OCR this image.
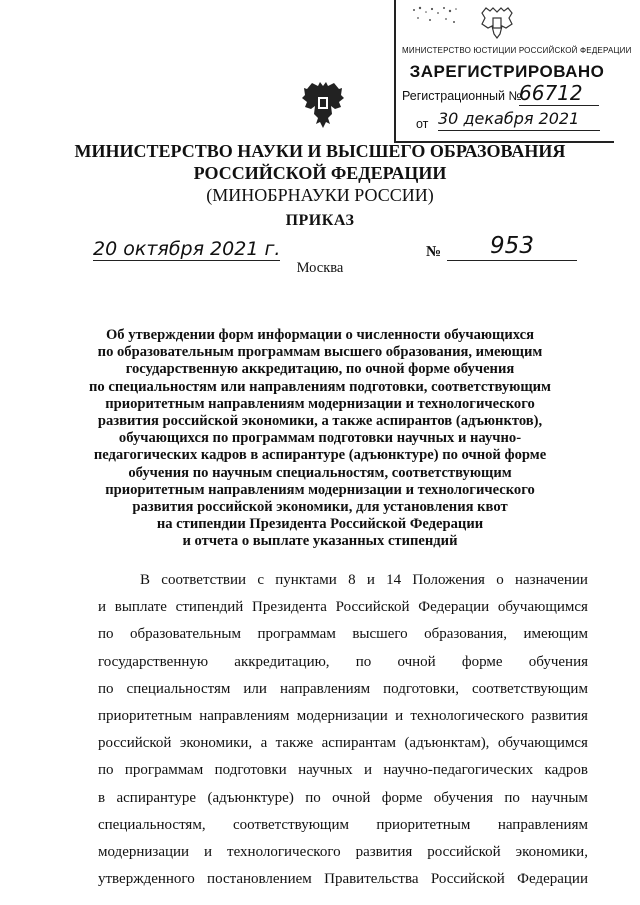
МИНИСТЕРСТВО ЮСТИЦИИ РОССИЙСКОЙ ФЕДЕРАЦИИ
ЗАРЕГИСТРИРОВАНО
Регистрационный №
66712
от 30 декабря 2021
МИНИСТЕРСТВО НАУКИ И ВЫСШЕГО ОБРАЗОВАНИЯ
РОССИЙСКОЙ ФЕДЕРАЦИИ
(МИНОБРНАУКИ РОССИИ)
ПРИКАЗ
20 октября 2021 г.	№	953
Москва
Об утверждении форм информации о численности обучающихся
по образовательным программам высшего образования, имеющим
государственную аккредитацию, по очной форме обучения
по специальностям или направлениям подготовки, соответствующим
приоритетным направлениям модернизации и технологического
развития российской экономики, а также аспирантов (адъюнктов),
обучающихся по программам подготовки научных и научно-
педагогических кадров в аспирантуре (адъюнктуре) по очной форме
обучения по научным специальностям, соответствующим
приоритетным направлениям модернизации и технологического
развития российской экономики, для установления квот
на стипендии Президента Российской Федерации
и отчета о выплате указанных стипендий
В соответствии с пунктами 8 и 14 Положения о назначении
и выплате стипендий Президента Российской Федерации обучающимся
по образовательным программам высшего образования, имеющим
государственную аккредитацию, по очной форме обучения
по специальностям или направлениям подготовки, соответствующим
приоритетным направлениям модернизации и технологического развития
российской экономики, а также аспирантам (адъюнктам), обучающимся
по программам подготовки научных и научно-педагогических кадров
в аспирантуре (адъюнктуре) по очной форме обучения по научным
специальностям, соответствующим приоритетным направлениям
модернизации и технологического развития российской экономики,
утвержденного постановлением Правительства Российской Федерации
